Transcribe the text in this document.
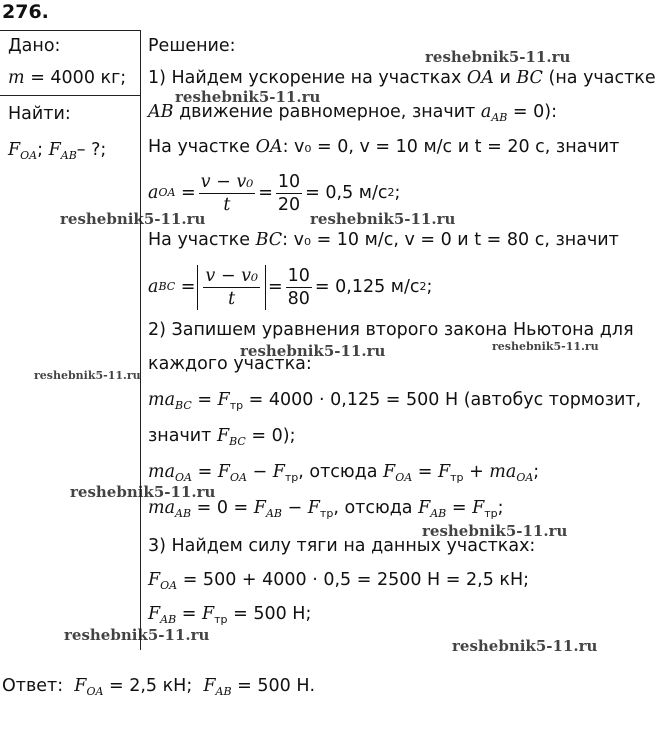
276.
Дано:
m = 4000 кг;
Найти:
$F_{OA}$; $F_{AB}-$ ?;
Решение:
1) Найдем ускорение на участках OA и BC (на участке
AB движение равномерное, значит $a_{AB} = 0$):
На участке OA: v₀ = 0, v = 10 м/с и t = 20 с, значит
a OA = $\frac{\text{v − v₀}}{t} = \frac{10}{20} = 0,5$ м/с 2 ;
На участке BC: v₀ = 10 м/с, v = 0 и t = 80 с, значит
a BC = $\frac{\text{v − v₀}}{t} = \frac{10}{80} = 0,125$ м/с 2 ;
2) Запишем уравнения второго закона Ньютона для
каждого участка:
$ma_{BC} = F_{тр} = 4000 \cdot 0,125 = 500$ Н (автобус тормозит,
значит $F_{BC} = 0$);
$ma_{OA} = F_{OA} - F_{тр}$, отсюда $F_{OA} = F_{тр} + ma_{OA}$;
$ma_{AB} = 0 = F_{AB} - F_{тр}$, отсюда $F_{AB} = F_{тр}$;
3) Найдем силу тяги на данных участках:
$F_{OA} = 500 + 4000 \cdot 0,5 = 2500$ Н = 2,5 кН;
$F_{AB} = F_{тр} = 500$ Н;
Ответ: $F_{OA} = 2,5$ кН; $F_{AB} = 500$ Н.
reshebnik5-11.ru
reshebnik5-11.ru
reshebnik5-11.ru	reshebnik5-11.ru
reshebnik5-11.ru	reshebnik5-11.ru
reshebnik5-11.ru
reshebnik5-11.ru
reshebnik5-11.ru
reshebnik5-11.ru
reshebnik5-11.ru
